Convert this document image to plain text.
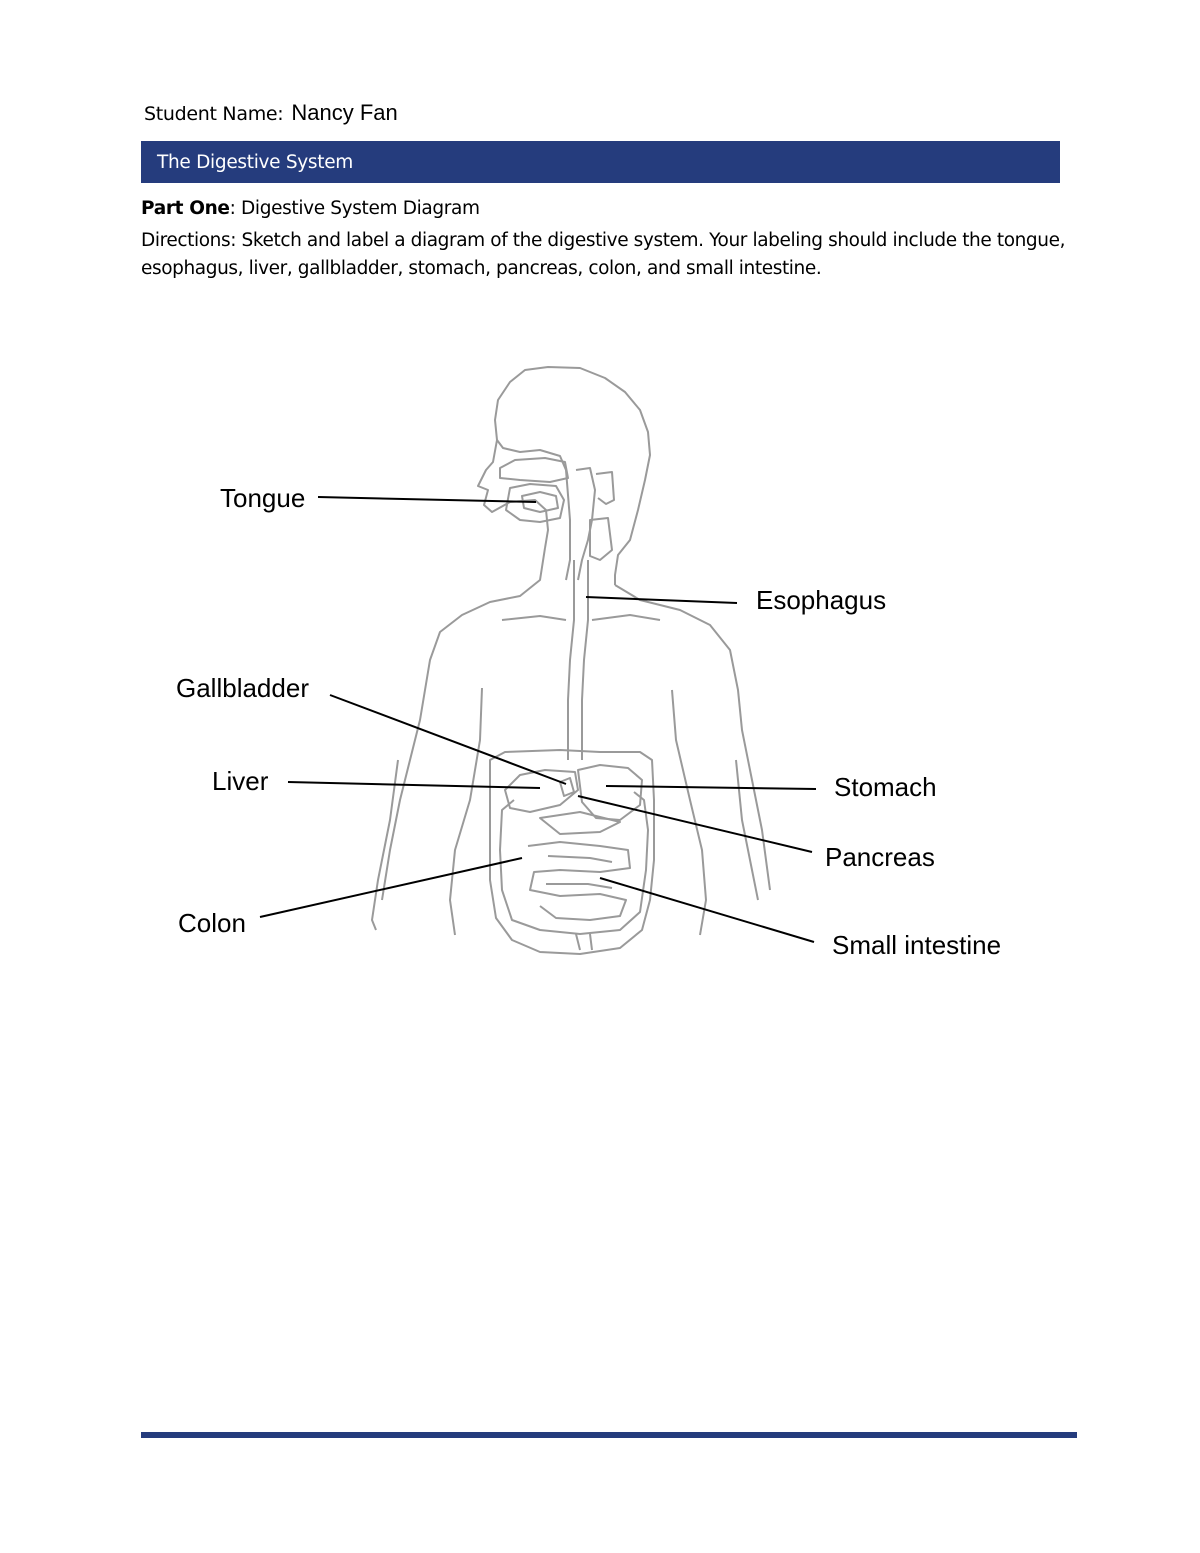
Student Name: Nancy Fan
The Digestive System
Part One: Digestive System Diagram
Directions: Sketch and label a diagram of the digestive system. Your labeling should include the tongue, esophagus, liver, gallbladder, stomach, pancreas, colon, and small intestine.
Tongue
Esophagus
Gallbladder
Liver	Stomach
Pancreas
Colon
Small intestine
